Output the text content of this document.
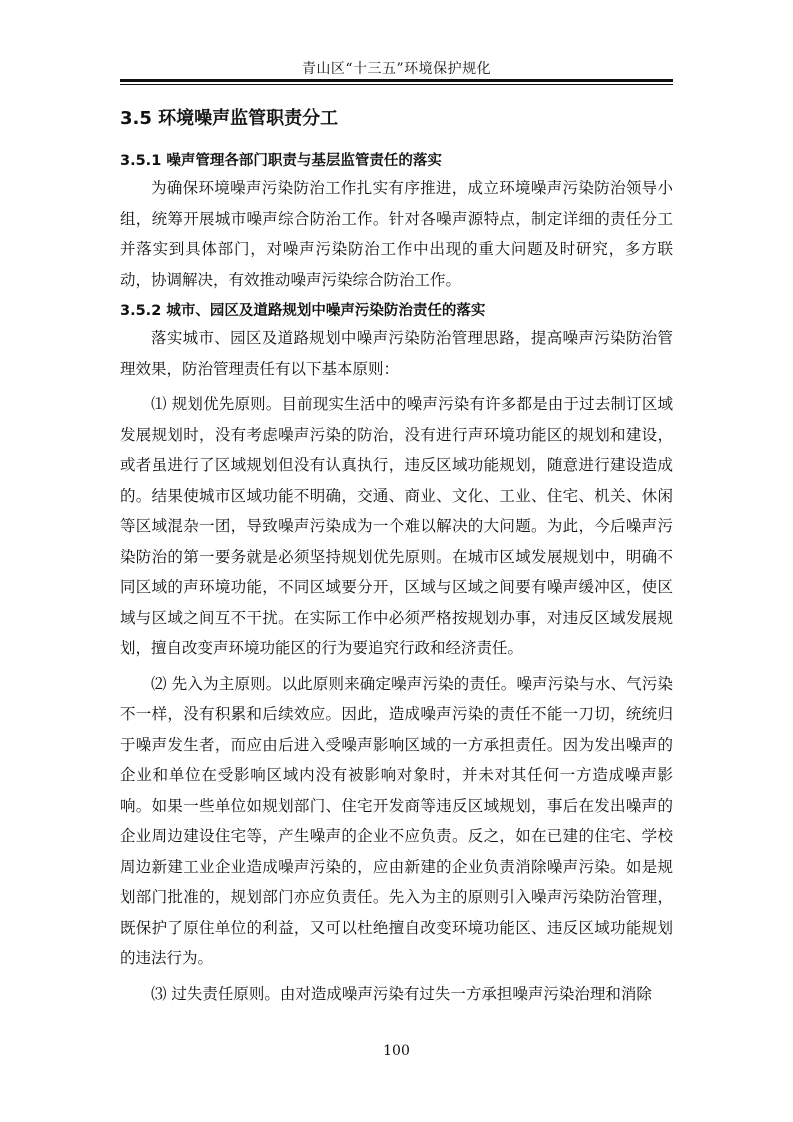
青山区“十三五”环境保护规化
3.5 环境噪声监管职责分工
3.5.1 噪声管理各部门职责与基层监管责任的落实

为确保环境噪声污染防治工作扎实有序推进，成立环境噪声污染防治领导小组，统筹开展城市噪声综合防治工作。针对各噪声源特点，制定详细的责任分工并落实到具体部门，对噪声污染防治工作中出现的重大问题及时研究，多方联动，协调解决，有效推动噪声污染综合防治工作。

3.5.2 城市、园区及道路规划中噪声污染防治责任的落实

落实城市、园区及道路规划中噪声污染防治管理思路，提高噪声污染防治管理效果，防治管理责任有以下基本原则：

⑴ 规划优先原则。目前现实生活中的噪声污染有许多都是由于过去制订区域发展规划时，没有考虑噪声污染的防治，没有进行声环境功能区的规划和建设，或者虽进行了区域规划但没有认真执行，违反区域功能规划，随意进行建设造成的。结果使城市区域功能不明确，交通、商业、文化、工业、住宅、机关、休闲等区域混杂一团，导致噪声污染成为一个难以解决的大问题。为此，今后噪声污染防治的第一要务就是必须坚持规划优先原则。在城市区域发展规划中，明确不同区域的声环境功能，不同区域要分开，区域与区域之间要有噪声缓冲区，使区域与区域之间互不干扰。在实际工作中必须严格按规划办事，对违反区域发展规划，擅自改变声环境功能区的行为要追究行政和经济责任。

⑵ 先入为主原则。以此原则来确定噪声污染的责任。噪声污染与水、气污染不一样，没有积累和后续效应。因此，造成噪声污染的责任不能一刀切，统统归于噪声发生者，而应由后进入受噪声影响区域的一方承担责任。因为发出噪声的企业和单位在受影响区域内没有被影响对象时，并未对其任何一方造成噪声影响。如果一些单位如规划部门、住宅开发商等违反区域规划，事后在发出噪声的企业周边建设住宅等，产生噪声的企业不应负责。反之，如在已建的住宅、学校周边新建工业企业造成噪声污染的，应由新建的企业负责消除噪声污染。如是规划部门批准的，规划部门亦应负责任。先入为主的原则引入噪声污染防治管理，既保护了原住单位的利益，又可以杜绝擅自改变环境功能区、违反区域功能规划的违法行为。

⑶ 过失责任原则。由对造成噪声污染有过失一方承担噪声污染治理和消除

100
